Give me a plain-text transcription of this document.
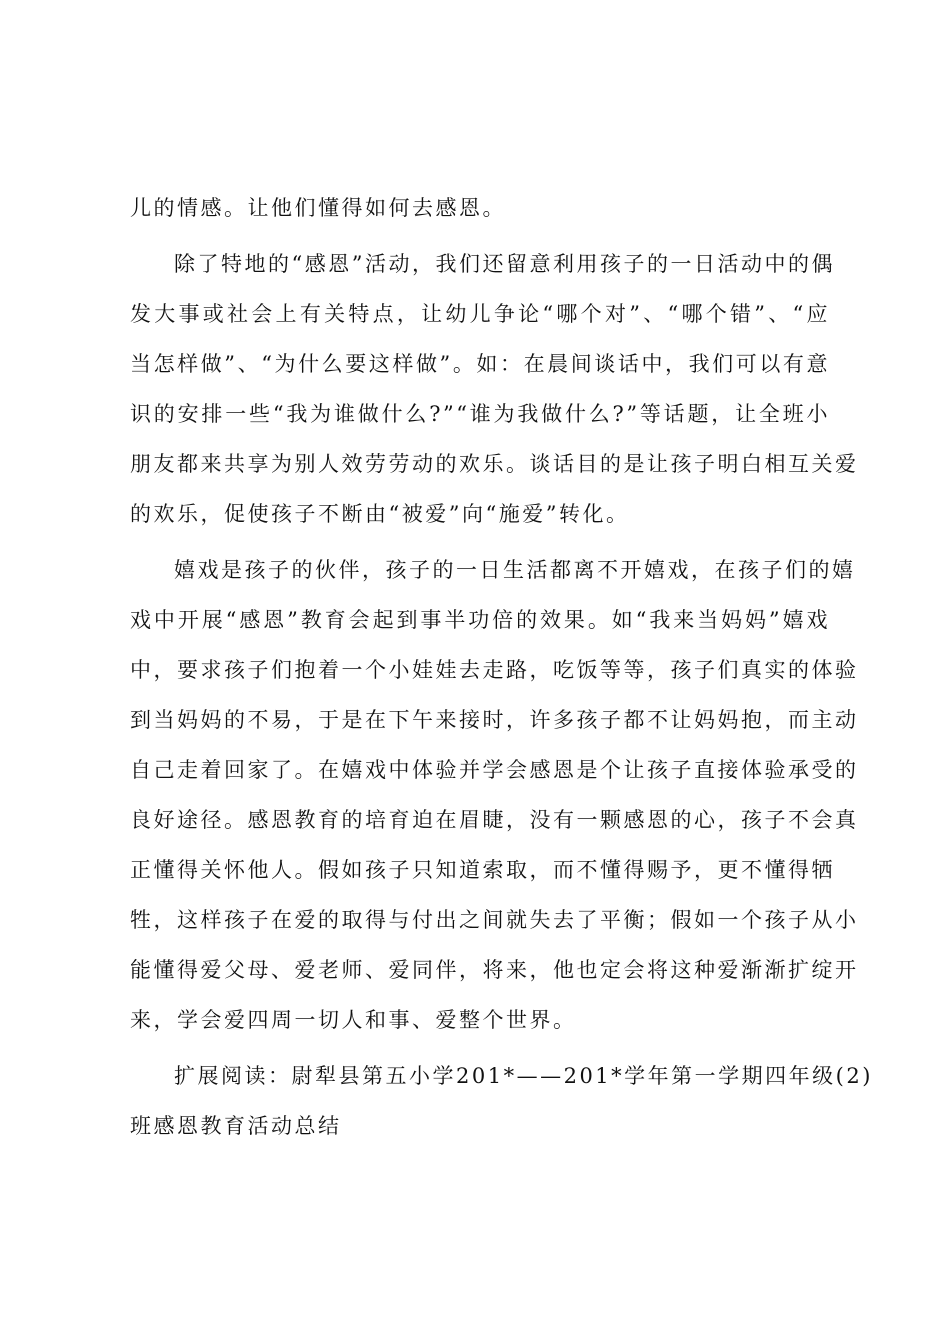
儿的情感。让他们懂得如何去感恩。
除了特地的“感恩”活动，我们还留意利用孩子的一日活动中的偶
发大事或社会上有关特点，让幼儿争论“哪个对”、“哪个错”、“应
当怎样做”、“为什么要这样做”。如：在晨间谈话中，我们可以有意
识的安排一些“我为谁做什么?”“谁为我做什么?”等话题，让全班小
朋友都来共享为别人效劳劳动的欢乐。谈话目的是让孩子明白相互关爱
的欢乐，促使孩子不断由“被爱”向“施爱”转化。
嬉戏是孩子的伙伴，孩子的一日生活都离不开嬉戏，在孩子们的嬉
戏中开展“感恩”教育会起到事半功倍的效果。如“我来当妈妈”嬉戏
中，要求孩子们抱着一个小娃娃去走路，吃饭等等，孩子们真实的体验
到当妈妈的不易，于是在下午来接时，许多孩子都不让妈妈抱，而主动
自己走着回家了。在嬉戏中体验并学会感恩是个让孩子直接体验承受的
良好途径。感恩教育的培育迫在眉睫，没有一颗感恩的心，孩子不会真
正懂得关怀他人。假如孩子只知道索取，而不懂得赐予，更不懂得牺
牲，这样孩子在爱的取得与付出之间就失去了平衡；假如一个孩子从小
能懂得爱父母、爱老师、爱同伴，将来，他也定会将这种爱渐渐扩绽开
来，学会爱四周一切人和事、爱整个世界。
扩展阅读：尉犁县第五小学201*——201*学年第一学期四年级(2)
班感恩教育活动总结
